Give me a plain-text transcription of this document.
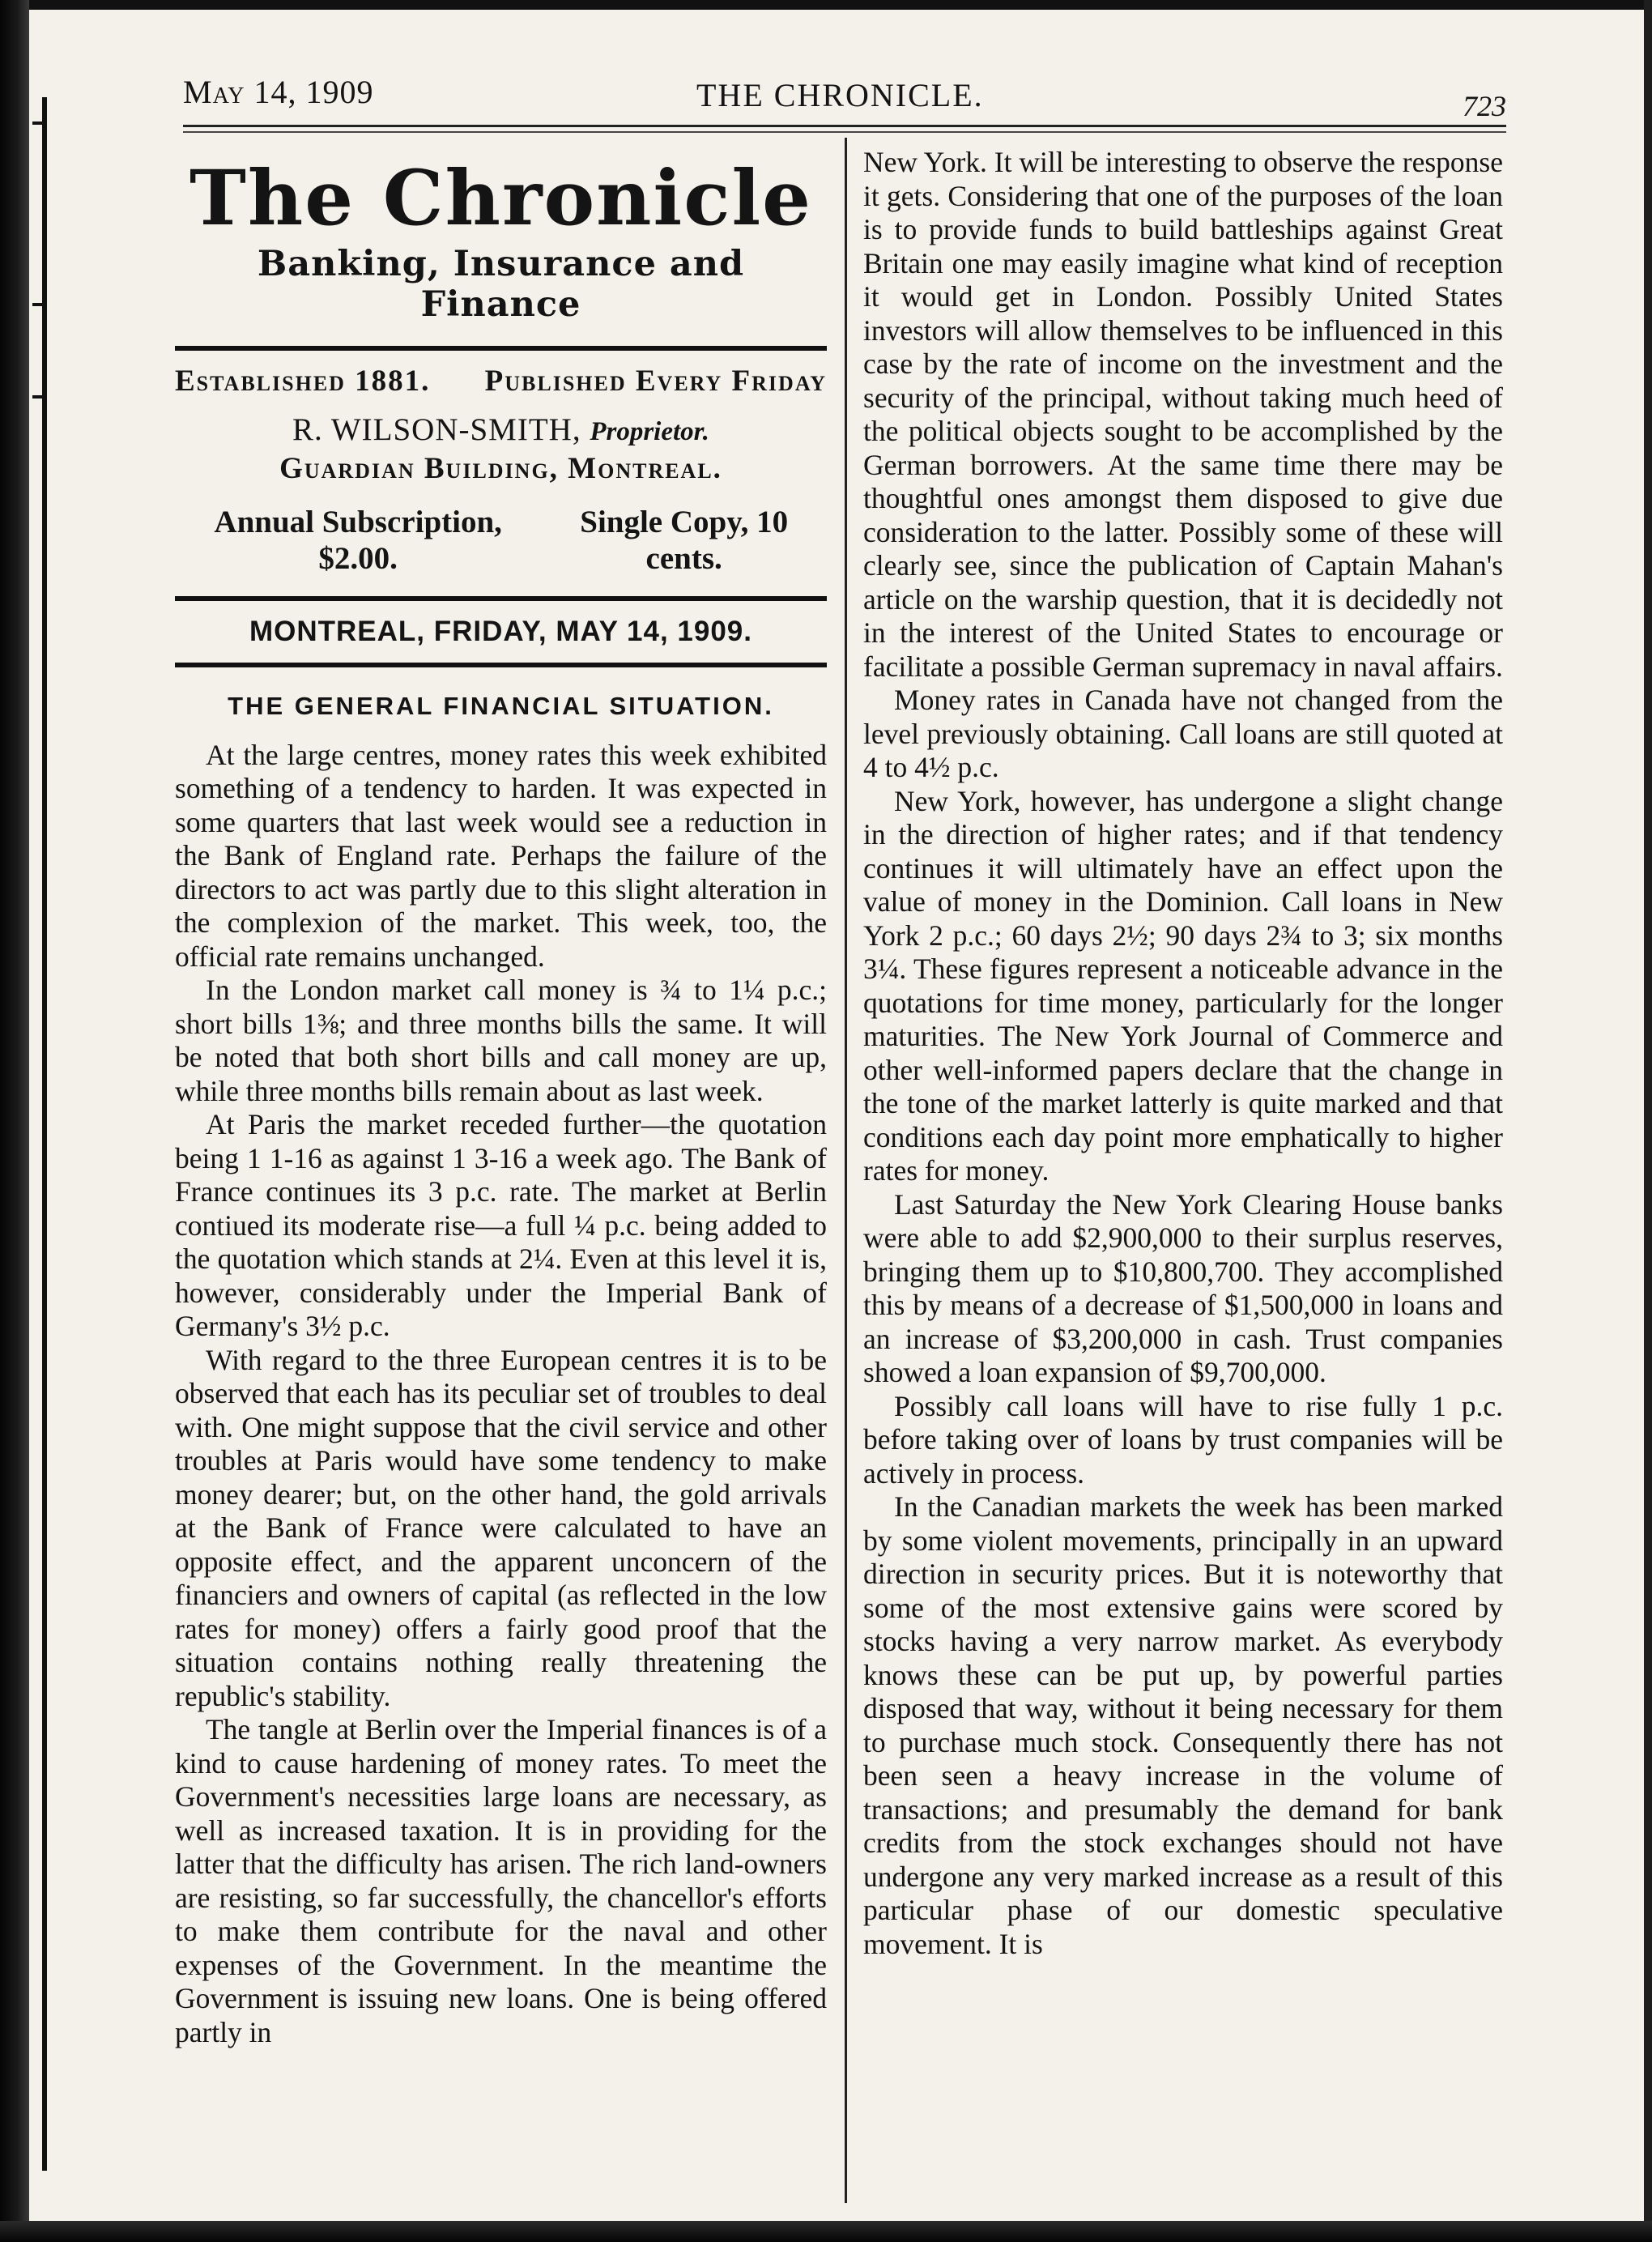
May 14, 1909	THE CHRONICLE.	723
The Chronicle
Banking, Insurance and Finance
Established 1881. Published Every Friday
R. WILSON-SMITH, Proprietor.
Guardian Building, Montreal.
Annual Subscription, $2.00.
Single Copy, 10 cents.
MONTREAL, FRIDAY, MAY 14, 1909.
THE GENERAL FINANCIAL SITUATION.

At the large centres, money rates this week exhibited something of a tendency to harden. It was expected in some quarters that last week would see a reduction in the Bank of England rate. Perhaps the failure of the directors to act was partly due to this slight alteration in the complexion of the market. This week, too, the official rate remains unchanged.

In the London market call money is ¾ to 1¼ p.c.; short bills 1⅜; and three months bills the same. It will be noted that both short bills and call money are up, while three months bills remain about as last week.

At Paris the market receded further—the quotation being 1 1-16 as against 1 3-16 a week ago. The Bank of France continues its 3 p.c. rate. The market at Berlin contiued its moderate rise—a full ¼ p.c. being added to the quotation which stands at 2¼. Even at this level it is, however, considerably under the Imperial Bank of Germany's 3½ p.c.

With regard to the three European centres it is to be observed that each has its peculiar set of troubles to deal with. One might suppose that the civil service and other troubles at Paris would have some tendency to make money dearer; but, on the other hand, the gold arrivals at the Bank of France were calculated to have an opposite effect, and the apparent unconcern of the financiers and owners of capital (as reflected in the low rates for money) offers a fairly good proof that the situation contains nothing really threatening the republic's stability.

The tangle at Berlin over the Imperial finances is of a kind to cause hardening of money rates. To meet the Government's necessities large loans are necessary, as well as increased taxation. It is in providing for the latter that the difficulty has arisen. The rich land-owners are resisting, so far successfully, the chancellor's efforts to make them contribute for the naval and other expenses of the Government. In the meantime the Government is issuing new loans. One is being offered partly in

New York. It will be interesting to observe the response it gets. Considering that one of the purposes of the loan is to provide funds to build battleships against Great Britain one may easily imagine what kind of reception it would get in London. Possibly United States investors will allow themselves to be influenced in this case by the rate of income on the investment and the security of the principal, without taking much heed of the political objects sought to be accomplished by the German borrowers. At the same time there may be thoughtful ones amongst them disposed to give due consideration to the latter. Possibly some of these will clearly see, since the publication of Captain Mahan's article on the warship question, that it is decidedly not in the interest of the United States to encourage or facilitate a possible German supremacy in naval affairs.

Money rates in Canada have not changed from the level previously obtaining. Call loans are still quoted at 4 to 4½ p.c.

New York, however, has undergone a slight change in the direction of higher rates; and if that tendency continues it will ultimately have an effect upon the value of money in the Dominion. Call loans in New York 2 p.c.; 60 days 2½; 90 days 2¾ to 3; six months 3¼. These figures represent a noticeable advance in the quotations for time money, particularly for the longer maturities. The New York Journal of Commerce and other well-informed papers declare that the change in the tone of the market latterly is quite marked and that conditions each day point more emphatically to higher rates for money.

Last Saturday the New York Clearing House banks were able to add $2,900,000 to their surplus reserves, bringing them up to $10,800,700. They accomplished this by means of a decrease of $1,500,000 in loans and an increase of $3,200,000 in cash. Trust companies showed a loan expansion of $9,700,000.

Possibly call loans will have to rise fully 1 p.c. before taking over of loans by trust companies will be actively in process.

In the Canadian markets the week has been marked by some violent movements, principally in an upward direction in security prices. But it is noteworthy that some of the most extensive gains were scored by stocks having a very narrow market. As everybody knows these can be put up, by powerful parties disposed that way, without it being necessary for them to purchase much stock. Consequently there has not been seen a heavy increase in the volume of transactions; and presumably the demand for bank credits from the stock exchanges should not have undergone any very marked increase as a result of this particular phase of our domestic speculative movement. It is
